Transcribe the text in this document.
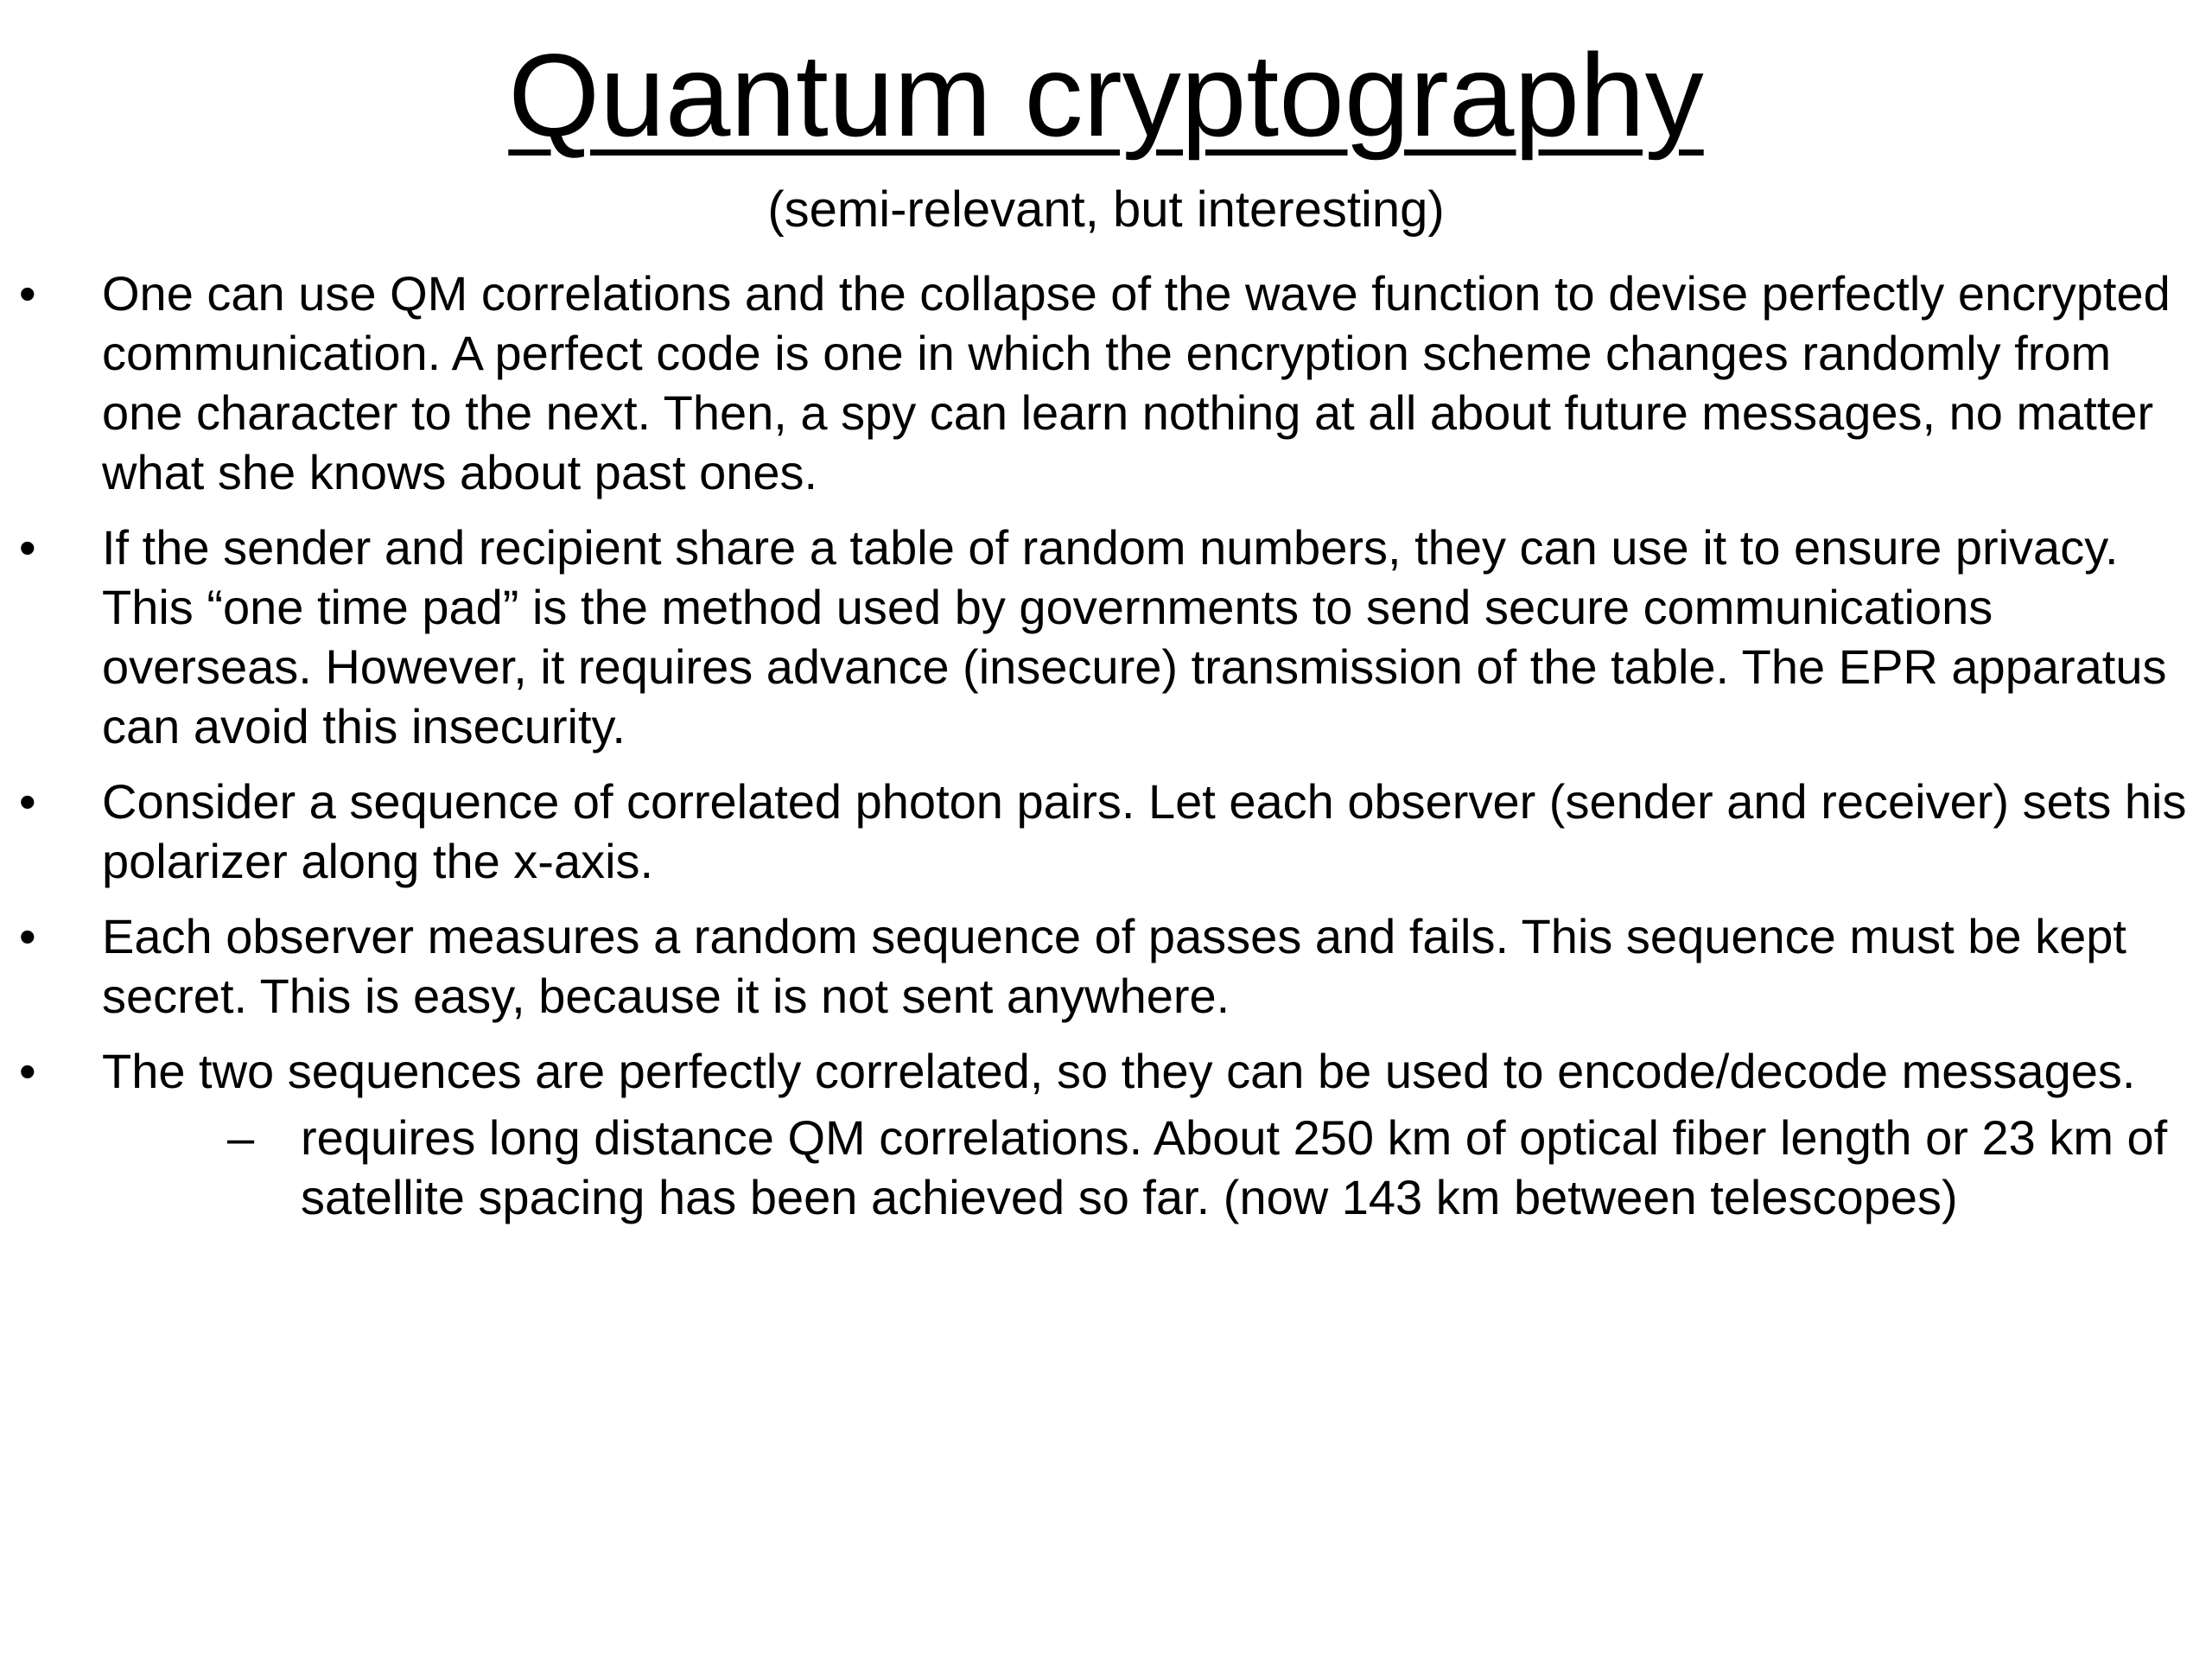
Quantum cryptography
(semi-relevant, but interesting)
•	One can use QM correlations and the collapse of the wave function to devise perfectly encrypted communication. A perfect code is one in which the encryption scheme changes randomly from one character to the next. Then, a spy can learn nothing at all about future messages, no matter what she knows about past ones.
•	If the sender and recipient share a table of random numbers, they can use it to ensure privacy. This “one time pad” is the method used by governments to send secure communications overseas. However, it requires advance (insecure) transmission of the table. The EPR apparatus can avoid this insecurity.
•	Consider a sequence of correlated photon pairs. Let each observer (sender and receiver) sets his polarizer along the x-axis.
•	Each observer measures a random sequence of passes and fails. This sequence must be kept secret. This is easy, because it is not sent anywhere.
•	The two sequences are perfectly correlated, so they can be used to encode/decode messages.
– requires long distance QM correlations. About 250 km of optical fiber length or 23 km of satellite spacing has been achieved so far. (now 143 km between telescopes)
